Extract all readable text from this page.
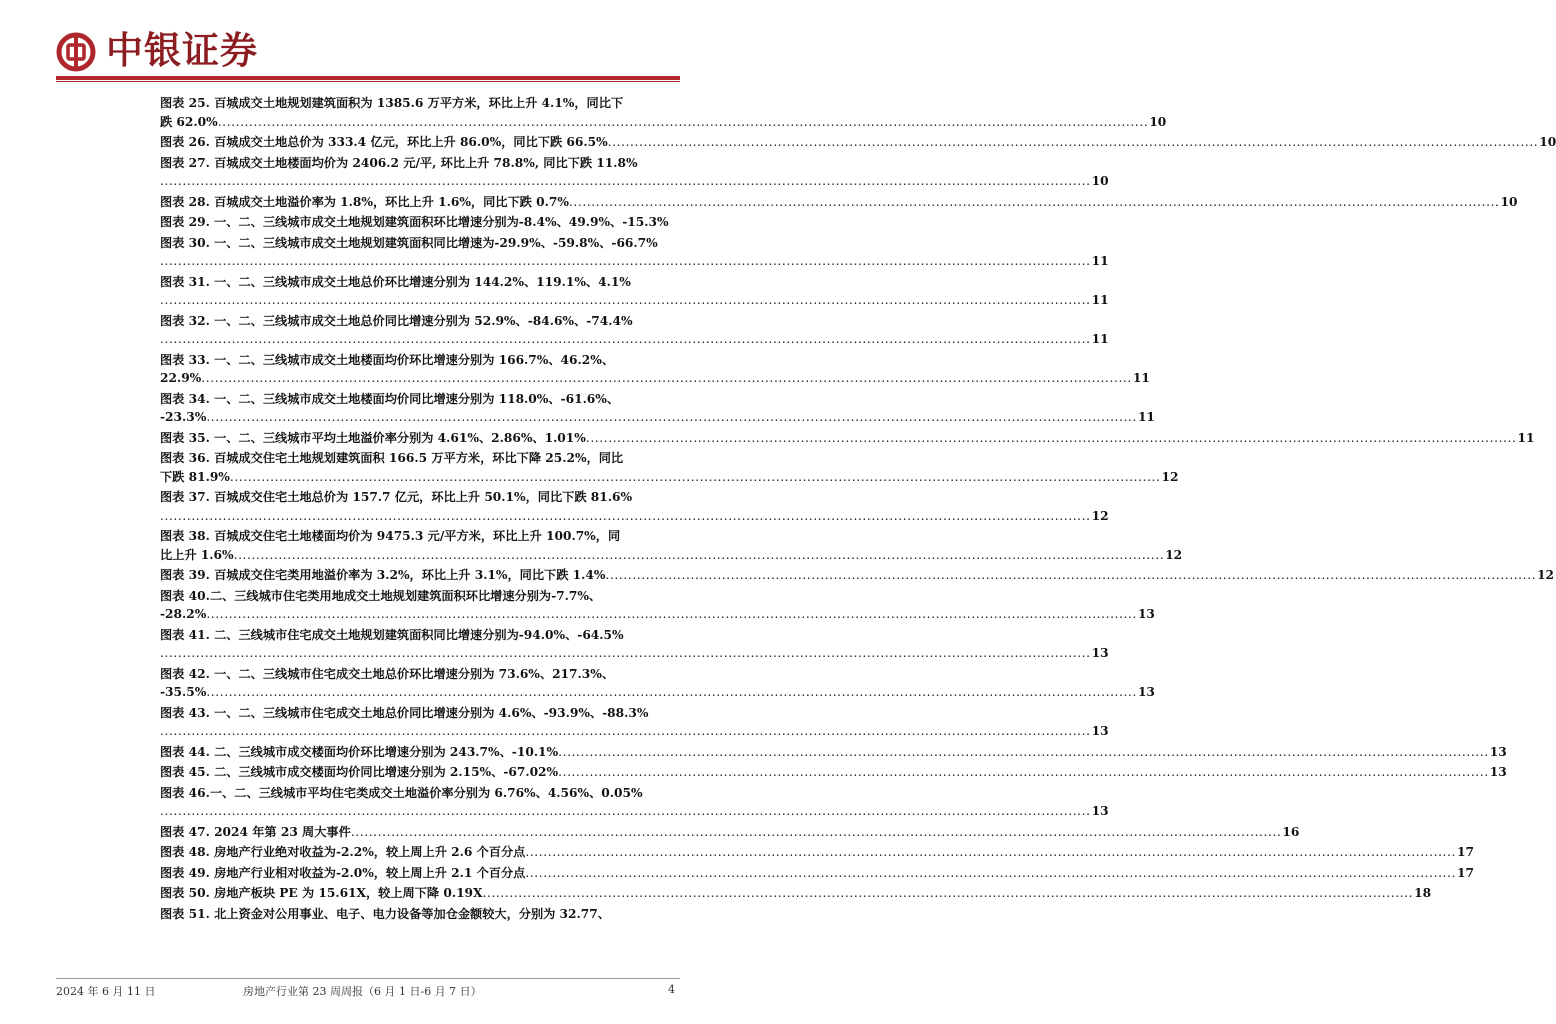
中银证券
图表 25. 百城成交土地规划建筑面积为 1385.6 万平方米，环比上升 4.1%，同比下
跌 62.0% ................................................................................................................................................................................................................ 10
图表 26. 百城成交土地总价为 333.4 亿元，环比上升 86.0%，同比下跌 66.5% ................................................................................................................................................................................................................ 10
图表 27. 百城成交土地楼面均价为 2406.2 元/平, 环比上升 78.8%, 同比下跌 11.8%
................................................................................................................................................................................................................ 10
图表 28. 百城成交土地溢价率为 1.8%，环比上升 1.6%，同比下跌 0.7% ................................................................................................................................................................................................................ 10
图表 29. 一、二、三线城市成交土地规划建筑面积环比增速分别为-8.4%、49.9%、-15.3%
图表 30. 一、二、三线城市成交土地规划建筑面积同比增速为-29.9%、-59.8%、-66.7%
................................................................................................................................................................................................................ 11
图表 31. 一、二、三线城市成交土地总价环比增速分别为 144.2%、119.1%、4.1%
................................................................................................................................................................................................................ 11
图表 32. 一、二、三线城市成交土地总价同比增速分别为 52.9%、-84.6%、-74.4%
................................................................................................................................................................................................................ 11
图表 33. 一、二、三线城市成交土地楼面均价环比增速分别为 166.7%、46.2%、
22.9% ................................................................................................................................................................................................................ 11
图表 34. 一、二、三线城市成交土地楼面均价同比增速分别为 118.0%、-61.6%、
-23.3% ................................................................................................................................................................................................................ 11
图表 35. 一、二、三线城市平均土地溢价率分别为 4.61%、2.86%、1.01% ................................................................................................................................................................................................................ 11
图表 36. 百城成交住宅土地规划建筑面积 166.5 万平方米，环比下降 25.2%，同比
下跌 81.9% ................................................................................................................................................................................................................ 12
图表 37. 百城成交住宅土地总价为 157.7 亿元，环比上升 50.1%，同比下跌 81.6%
................................................................................................................................................................................................................ 12
图表 38. 百城成交住宅土地楼面均价为 9475.3 元/平方米，环比上升 100.7%，同
比上升 1.6% ................................................................................................................................................................................................................ 12
图表 39. 百城成交住宅类用地溢价率为 3.2%，环比上升 3.1%，同比下跌 1.4% ................................................................................................................................................................................................................ 12
图表 40.二、三线城市住宅类用地成交土地规划建筑面积环比增速分别为-7.7%、
-28.2% ................................................................................................................................................................................................................ 13
图表 41. 二、三线城市住宅成交土地规划建筑面积同比增速分别为-94.0%、-64.5%
................................................................................................................................................................................................................ 13
图表 42. 一、二、三线城市住宅成交土地总价环比增速分别为 73.6%、217.3%、
-35.5% ................................................................................................................................................................................................................ 13
图表 43. 一、二、三线城市住宅成交土地总价同比增速分别为 4.6%、-93.9%、-88.3%
................................................................................................................................................................................................................ 13
图表 44. 二、三线城市成交楼面均价环比增速分别为 243.7%、-10.1% ................................................................................................................................................................................................................ 13
图表 45. 二、三线城市成交楼面均价同比增速分别为 2.15%、-67.02% ................................................................................................................................................................................................................ 13
图表 46.一、二、三线城市平均住宅类成交土地溢价率分别为 6.76%、4.56%、0.05%
................................................................................................................................................................................................................ 13
图表 47. 2024 年第 23 周大事件 ................................................................................................................................................................................................................ 16
图表 48. 房地产行业绝对收益为-2.2%，较上周上升 2.6 个百分点 ................................................................................................................................................................................................................ 17
图表 49. 房地产行业相对收益为-2.0%，较上周上升 2.1 个百分点 ................................................................................................................................................................................................................ 17
图表 50. 房地产板块 PE 为 15.61X，较上周下降 0.19X ................................................................................................................................................................................................................ 18
图表 51. 北上资金对公用事业、电子、电力设备等加仓金额较大，分别为 32.77、
2024 年 6 月 11 日	房地产行业第 23 周周报（6 月 1 日-6 月 7 日）	4
